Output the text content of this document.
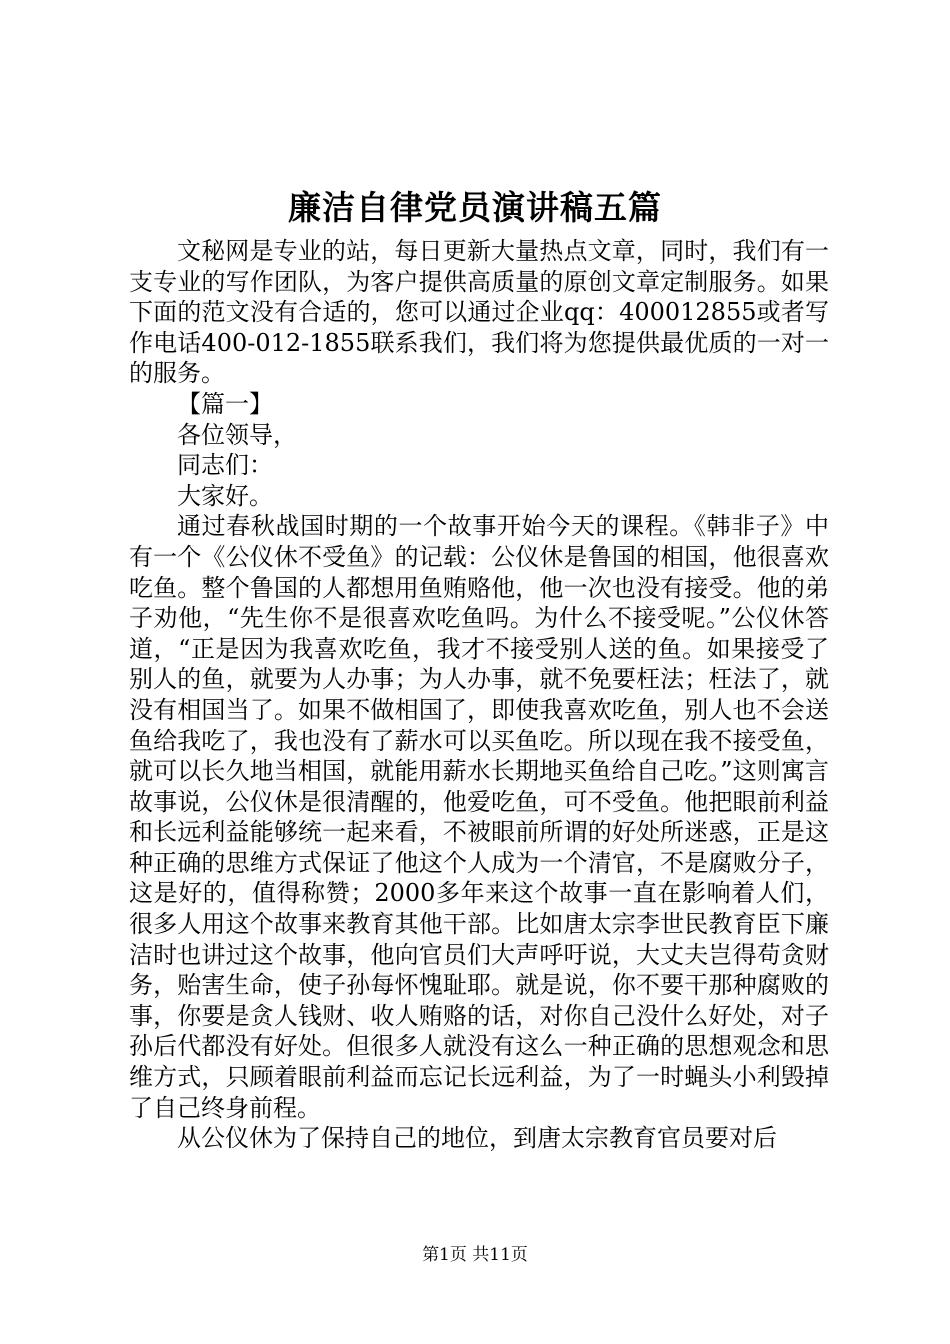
廉洁自律党员演讲稿五篇

文秘网是专业的站，每日更新大量热点文章，同时，我们有一支专业的写作团队，为客户提供高质量的原创文章定制服务。如果下面的范文没有合适的，您可以通过企业qq：400012855或者写作电话400-012-1855联系我们，我们将为您提供最优质的一对一的服务。

【篇一】

各位领导，

同志们：

大家好。

通过春秋战国时期的一个故事开始今天的课程。《韩非子》中有一个《公仪休不受鱼》的记载：公仪休是鲁国的相国，他很喜欢吃鱼。整个鲁国的人都想用鱼贿赂他，他一次也没有接受。他的弟子劝他，“先生你不是很喜欢吃鱼吗。为什么不接受呢。”公仪休答道，“正是因为我喜欢吃鱼，我才不接受别人送的鱼。如果接受了别人的鱼，就要为人办事；为人办事，就不免要枉法；枉法了，就没有相国当了。如果不做相国了，即使我喜欢吃鱼，别人也不会送鱼给我吃了，我也没有了薪水可以买鱼吃。所以现在我不接受鱼，就可以长久地当相国，就能用薪水长期地买鱼给自己吃。”这则寓言故事说，公仪休是很清醒的，他爱吃鱼，可不受鱼。他把眼前利益和长远利益能够统一起来看，不被眼前所谓的好处所迷惑，正是这种正确的思维方式保证了他这个人成为一个清官，不是腐败分子，这是好的，值得称赞；2000多年来这个故事一直在影响着人们，很多人用这个故事来教育其他干部。比如唐太宗李世民教育臣下廉洁时也讲过这个故事，他向官员们大声呼吁说，大丈夫岂得苟贪财务，贻害生命，使子孙每怀愧耻耶。就是说，你不要干那种腐败的事，你要是贪人钱财、收人贿赂的话，对你自己没什么好处，对子孙后代都没有好处。但很多人就没有这么一种正确的思想观念和思维方式，只顾着眼前利益而忘记长远利益，为了一时蝇头小利毁掉了自己终身前程。

从公仪休为了保持自己的地位，到唐太宗教育官员要对后

第1页 共11页
